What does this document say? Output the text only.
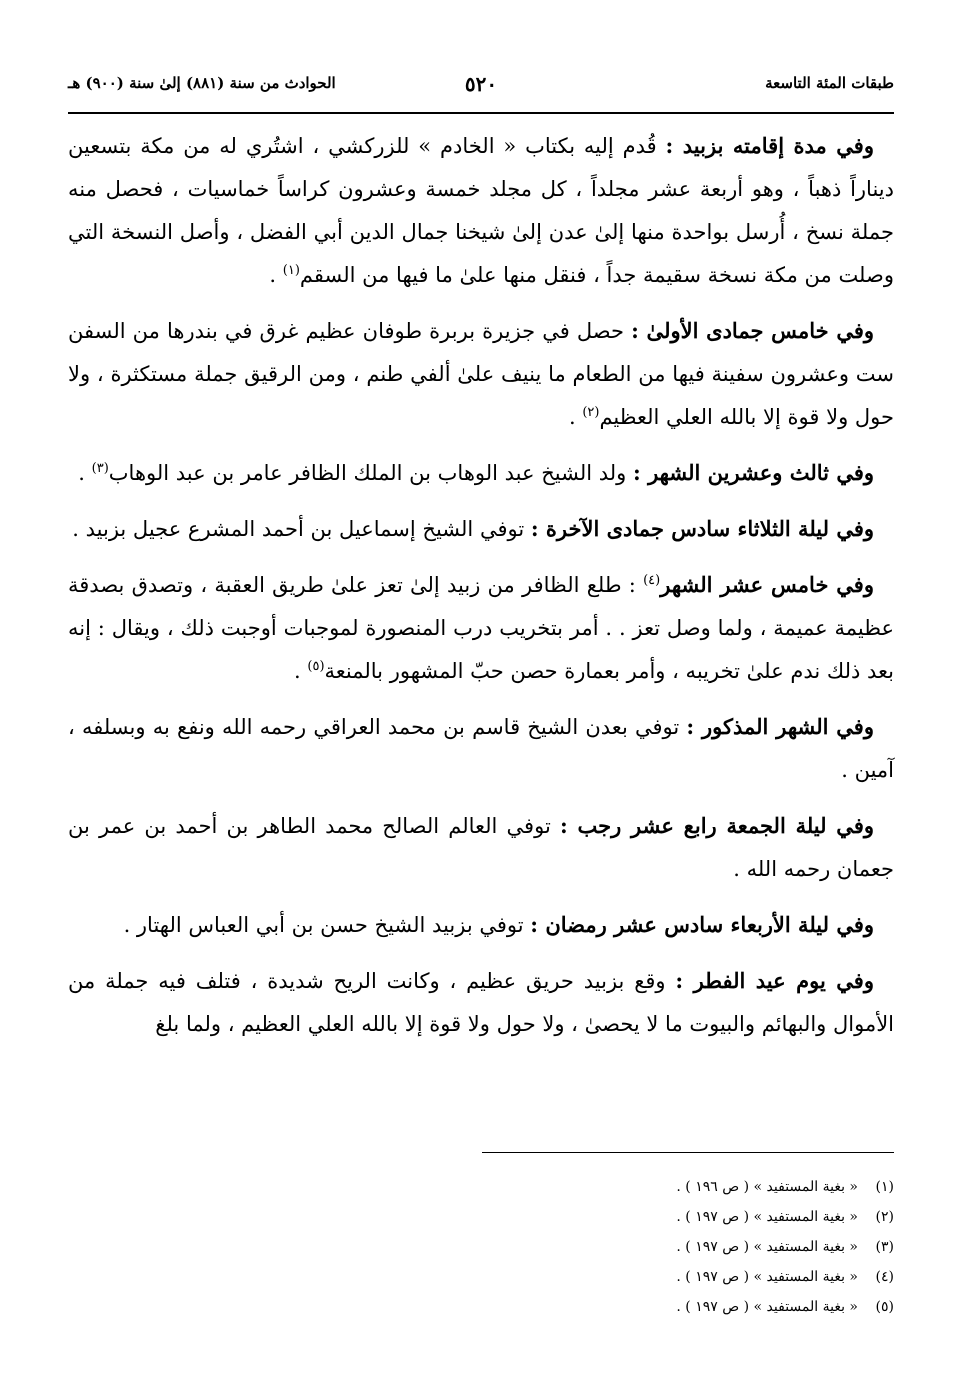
طبقات المئة التاسعة
٥٢٠
الحوادث من سنة (٨٨١) إلىٰ سنة (٩٠٠) هـ

وفي مدة إقامته بزبيد : قُدم إليه بكتاب « الخادم » للزركشي ، اشتُري له من مكة بتسعين ديناراً ذهباً ، وهو أربعة عشر مجلداً ، كل مجلد خمسة وعشرون كراساً خماسيات ، فحصل منه جملة نسخ ، أُرسل بواحدة منها إلىٰ عدن إلىٰ شيخنا جمال الدين أبي الفضل ، وأصل النسخة التي وصلت من مكة نسخة سقيمة جداً ، فنقل منها علىٰ ما فيها من السقم$^{(١)}$ .

وفي خامس جمادى الأولىٰ : حصل في جزيرة بربرة طوفان عظيم غرق في بندرها من السفن ست وعشرون سفينة فيها من الطعام ما ينيف علىٰ ألفي طنم ، ومن الرقيق جملة مستكثرة ، ولا حول ولا قوة إلا بالله العلي العظيم$^{(٢)}$ .

وفي ثالث وعشرين الشهر : ولد الشيخ عبد الوهاب بن الملك الظافر عامر بن عبد الوهاب$^{(٣)}$ .

وفي ليلة الثلاثاء سادس جمادى الآخرة : توفي الشيخ إسماعيل بن أحمد المشرع عجيل بزبيد .

وفي خامس عشر الشهر$^{(٤)}$ : طلع الظافر من زبيد إلىٰ تعز علىٰ طريق العقبة ، وتصدق بصدقة عظيمة عميمة ، ولما وصل تعز . . أمر بتخريب درب المنصورة لموجبات أوجبت ذلك ، ويقال : إنه بعد ذلك ندم علىٰ تخريبه ، وأمر بعمارة حصن حبّ المشهور بالمنعة$^{(٥)}$ .

وفي الشهر المذكور : توفي بعدن الشيخ قاسم بن محمد العراقي رحمه الله ونفع به وبسلفه ، آمين .

وفي ليلة الجمعة رابع عشر رجب : توفي العالم الصالح محمد الطاهر بن أحمد بن عمر بن جعمان رحمه الله .

وفي ليلة الأربعاء سادس عشر رمضان : توفي بزبيد الشيخ حسن بن أبي العباس الهتار .

وفي يوم عيد الفطر : وقع بزبيد حريق عظيم ، وكانت الريح شديدة ، فتلف فيه جملة من الأموال والبهائم والبيوت ما لا يحصىٰ ، ولا حول ولا قوة إلا بالله العلي العظيم ، ولما بلغ

(١)« بغية المستفيد » ( ص ١٩٦ ) .
(٢)« بغية المستفيد » ( ص ١٩٧ ) .
(٣)« بغية المستفيد » ( ص ١٩٧ ) .
(٤)« بغية المستفيد » ( ص ١٩٧ ) .
(٥)« بغية المستفيد » ( ص ١٩٧ ) .
